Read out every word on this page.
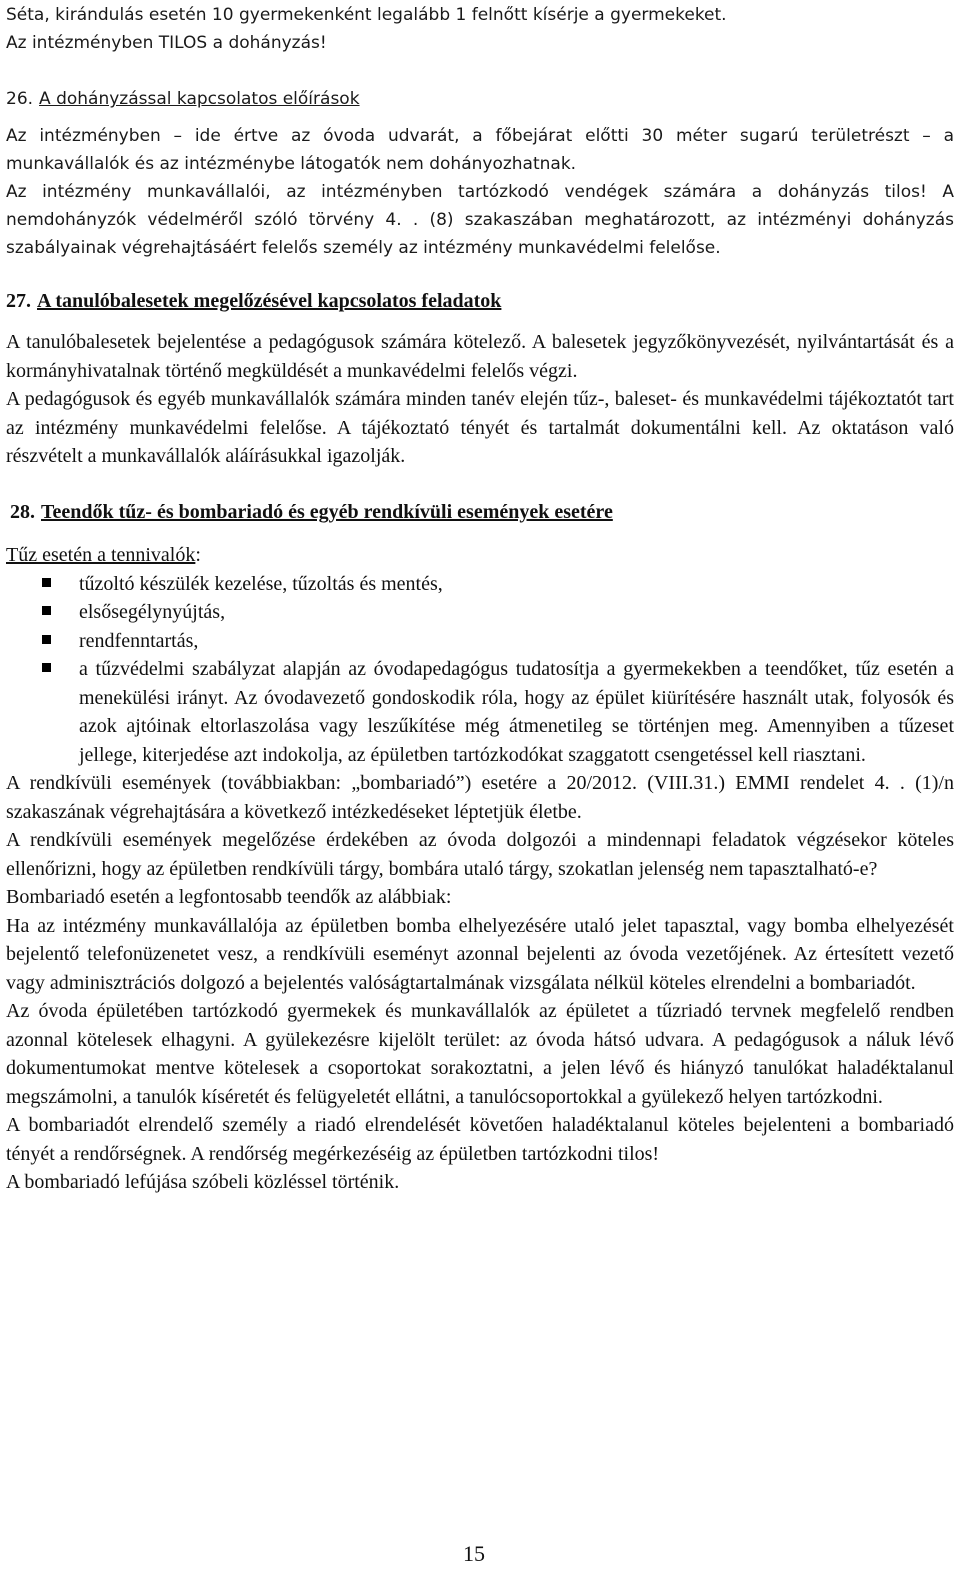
Séta, kirándulás esetén 10 gyermekenként legalább 1 felnőtt kísérje a gyermekeket.

Az intézményben TILOS a dohányzás!

26. A dohányzással kapcsolatos előírások

Az intézményben – ide értve az óvoda udvarát, a főbejárat előtti 30 méter sugarú területrészt – a munkavállalók és az intézménybe látogatók nem dohányozhatnak.

Az intézmény munkavállalói, az intézményben tartózkodó vendégek számára a dohányzás tilos! A nemdohányzók védelméről szóló törvény 4. . (8) szakaszában meghatározott, az intézményi dohányzás szabályainak végrehajtásáért felelős személy az intézmény munkavédelmi felelőse.

27. A tanulóbalesetek megelőzésével kapcsolatos feladatok

A tanulóbalesetek bejelentése a pedagógusok számára kötelező. A balesetek jegyzőkönyvezését, nyilvántartását és a kormányhivatalnak történő megküldését a munkavédelmi felelős végzi.

A pedagógusok és egyéb munkavállalók számára minden tanév elején tűz-, baleset- és munkavédelmi tájékoztatót tart az intézmény munkavédelmi felelőse. A tájékoztató tényét és tartalmát dokumentálni kell. Az oktatáson való részvételt a munkavállalók aláírásukkal igazolják.

28. Teendők tűz- és bombariadó és egyéb rendkívüli események esetére

Tűz esetén a tennivalók:

tűzoltó készülék kezelése, tűzoltás és mentés,
elsősegélynyújtás,
rendfenntartás,
a tűzvédelmi szabályzat alapján az óvodapedagógus tudatosítja a gyermekekben a teendőket, tűz esetén a menekülési irányt. Az óvodavezető gondoskodik róla, hogy az épület kiürítésére használt utak, folyosók és azok ajtóinak eltorlaszolása vagy leszűkítése még átmenetileg se történjen meg. Amennyiben a tűzeset jellege, kiterjedése azt indokolja, az épületben tartózkodókat szaggatott csengetéssel kell riasztani.

A rendkívüli események (továbbiakban: „bombariadó”) esetére a 20/2012. (VIII.31.) EMMI rendelet 4. . (1)/n szakaszának végrehajtására a következő intézkedéseket léptetjük életbe.

A rendkívüli események megelőzése érdekében az óvoda dolgozói a mindennapi feladatok végzésekor köteles ellenőrizni, hogy az épületben rendkívüli tárgy, bombára utaló tárgy, szokatlan jelenség nem tapasztalható-e?

Bombariadó esetén a legfontosabb teendők az alábbiak:

Ha az intézmény munkavállalója az épületben bomba elhelyezésére utaló jelet tapasztal, vagy bomba elhelyezését bejelentő telefonüzenetet vesz, a rendkívüli eseményt azonnal bejelenti az óvoda vezetőjének. Az értesített vezető vagy adminisztrációs dolgozó a bejelentés valóságtartalmának vizsgálata nélkül köteles elrendelni a bombariadót.

Az óvoda épületében tartózkodó gyermekek és munkavállalók az épületet a tűzriadó tervnek megfelelő rendben azonnal kötelesek elhagyni. A gyülekezésre kijelölt terület: az óvoda hátsó udvara. A pedagógusok a náluk lévő dokumentumokat mentve kötelesek a csoportokat sorakoztatni, a jelen lévő és hiányzó tanulókat haladéktalanul megszámolni, a tanulók kíséretét és felügyeletét ellátni, a tanulócsoportokkal a gyülekező helyen tartózkodni.

A bombariadót elrendelő személy a riadó elrendelését követően haladéktalanul köteles bejelenteni a bombariadó tényét a rendőrségnek. A rendőrség megérkezéséig az épületben tartózkodni tilos!

A bombariadó lefújása szóbeli közléssel történik.

15
